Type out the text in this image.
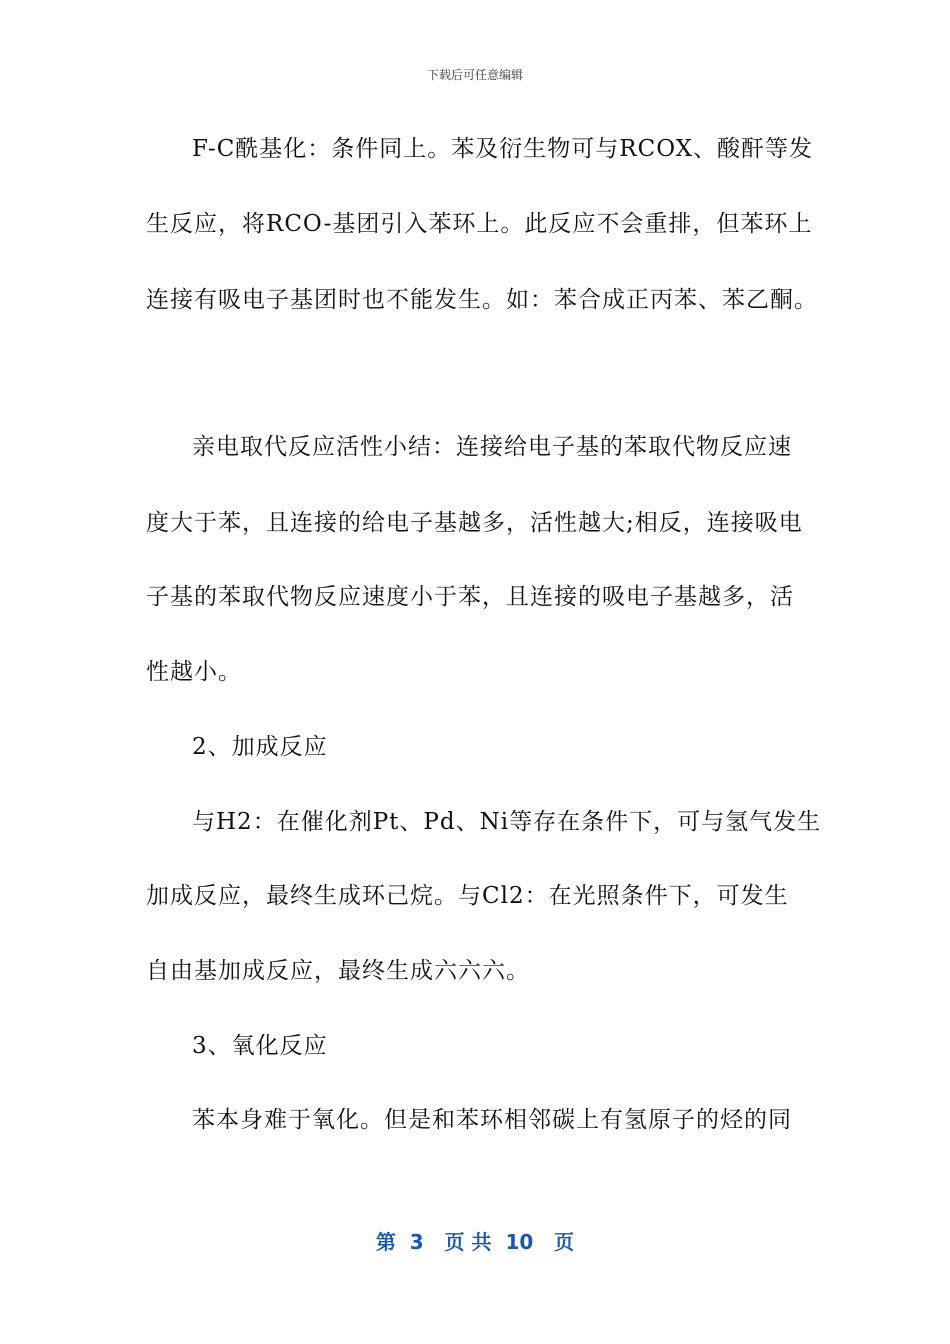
下载后可任意编辑
F-C酰基化：条件同上。苯及衍生物可与RCOX、酸酐等发
生反应，将RCO-基团引入苯环上。此反应不会重排，但苯环上
连接有吸电子基团时也不能发生。如：苯合成正丙苯、苯乙酮。
亲电取代反应活性小结：连接给电子基的苯取代物反应速
度大于苯，且连接的给电子基越多，活性越大;相反，连接吸电
子基的苯取代物反应速度小于苯，且连接的吸电子基越多，活
性越小。
2、加成反应
与H2：在催化剂Pt、Pd、Ni等存在条件下，可与氢气发生
加成反应，最终生成环己烷。与Cl2：在光照条件下，可发生
自由基加成反应，最终生成六六六。
3、氧化反应
苯本身难于氧化。但是和苯环相邻碳上有氢原子的烃的同
第  3   页 共  10   页
